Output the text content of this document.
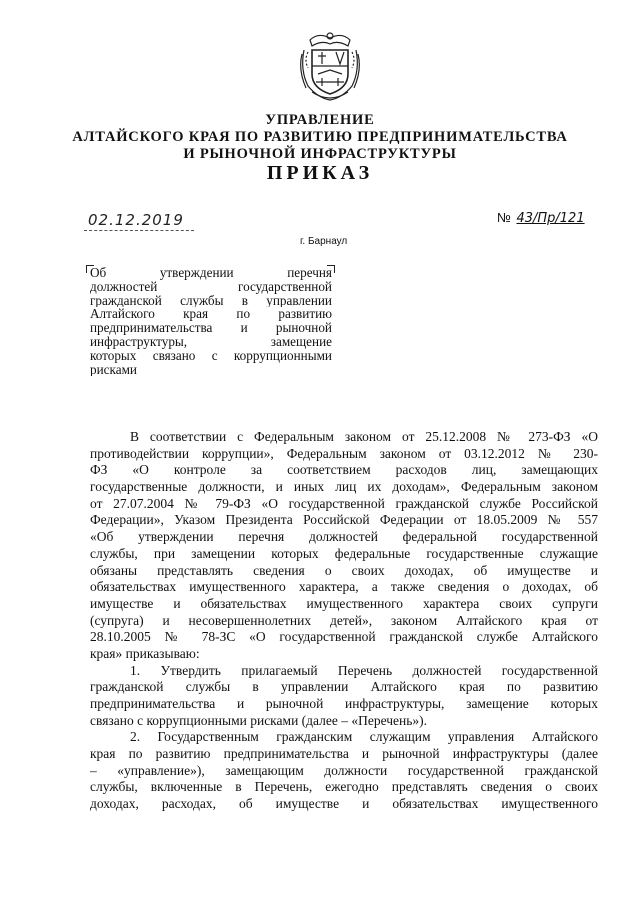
УПРАВЛЕНИЕ
АЛТАЙСКОГО КРАЯ ПО РАЗВИТИЮ ПРЕДПРИНИМАТЕЛЬСТВА
И РЫНОЧНОЙ ИНФРАСТРУКТУРЫ
ПРИКАЗ
02.12.2019	№ 43/Пр/121
г. Барнаул
Об утверждении перечня
должностей государственной
гражданской службы в управлении
Алтайского края по развитию
предпринимательства и рыночной
инфраструктуры, замещение
которых связано с коррупционными
рисками
В соответствии с Федеральным законом от 25.12.2008 № 273-ФЗ «О
противодействии коррупции», Федеральным законом от 03.12.2012 № 230-
ФЗ «О контроле за соответствием расходов лиц, замещающих
государственные должности, и иных лиц их доходам», Федеральным законом
от 27.07.2004 № 79-ФЗ «О государственной гражданской службе Российской
Федерации», Указом Президента Российской Федерации от 18.05.2009 № 557
«Об утверждении перечня должностей федеральной государственной
службы, при замещении которых федеральные государственные служащие
обязаны представлять сведения о своих доходах, об имуществе и
обязательствах имущественного характера, а также сведения о доходах, об
имуществе и обязательствах имущественного характера своих супруги
(супруга) и несовершеннолетних детей», законом Алтайского края от
28.10.2005 № 78-ЗС «О государственной гражданской службе Алтайского
края» приказываю:
1. Утвердить прилагаемый Перечень должностей государственной
гражданской службы в управлении Алтайского края по развитию
предпринимательства и рыночной инфраструктуры, замещение которых
связано с коррупционными рисками (далее – «Перечень»).
2. Государственным гражданским служащим управления Алтайского
края по развитию предпринимательства и рыночной инфраструктуры (далее
– «управление»), замещающим должности государственной гражданской
службы, включенные в Перечень, ежегодно представлять сведения о своих
доходах, расходах, об имуществе и обязательствах имущественного
